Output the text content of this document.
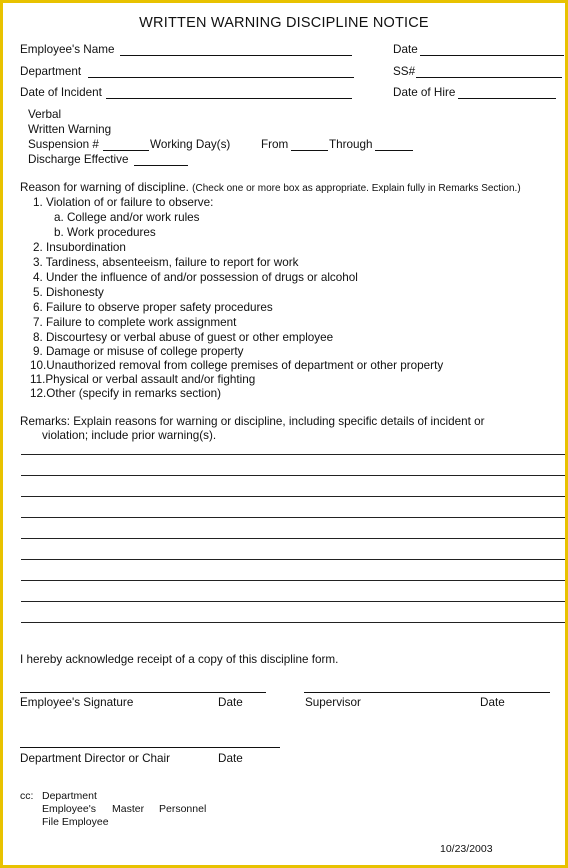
WRITTEN WARNING DISCIPLINE NOTICE
Employee's Name	Date
Department	SS#
Date of Incident	Date of Hire
Verbal
Written Warning
Suspension #	Working Day(s)	From	Through
Discharge Effective
Reason for warning of discipline. (Check one or more box as appropriate. Explain fully in Remarks Section.)
1. Violation of or failure to observe:
a. College and/or work rules
b. Work procedures
2. Insubordination
3. Tardiness, absenteeism, failure to report for work
4. Under the influence of and/or possession of drugs or alcohol
5. Dishonesty
6. Failure to observe proper safety procedures
7. Failure to complete work assignment
8. Discourtesy or verbal abuse of guest or other employee
9. Damage or misuse of college property
10.Unauthorized removal from college premises of department or other property
11.Physical or verbal assault and/or fighting
12.Other (specify in remarks section)
Remarks: Explain reasons for warning or discipline, including specific details of incident or
violation; include prior warning(s).
I hereby acknowledge receipt of a copy of this discipline form.
Employee's Signature	Date	Supervisor	Date
Department Director or Chair	Date
cc: Department
Employee's Master Personnel
File Employee
10/23/2003
